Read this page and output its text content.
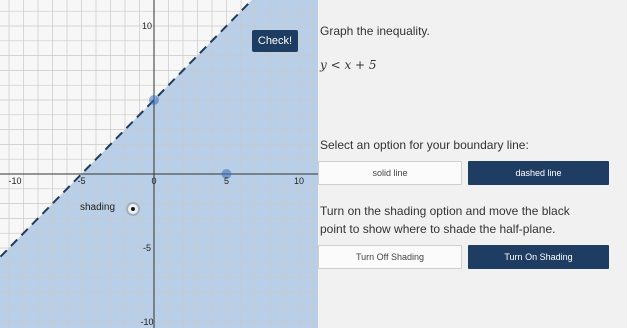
-10	-5	0	5	10
10
-5
-10
Check!
shading
Graph the inequality.
y < x + 5
Select an option for your boundary line:
solid line	dashed line
Turn on the shading option and move the black
point to show where to shade the half-plane.
Turn Off Shading	Turn On Shading
